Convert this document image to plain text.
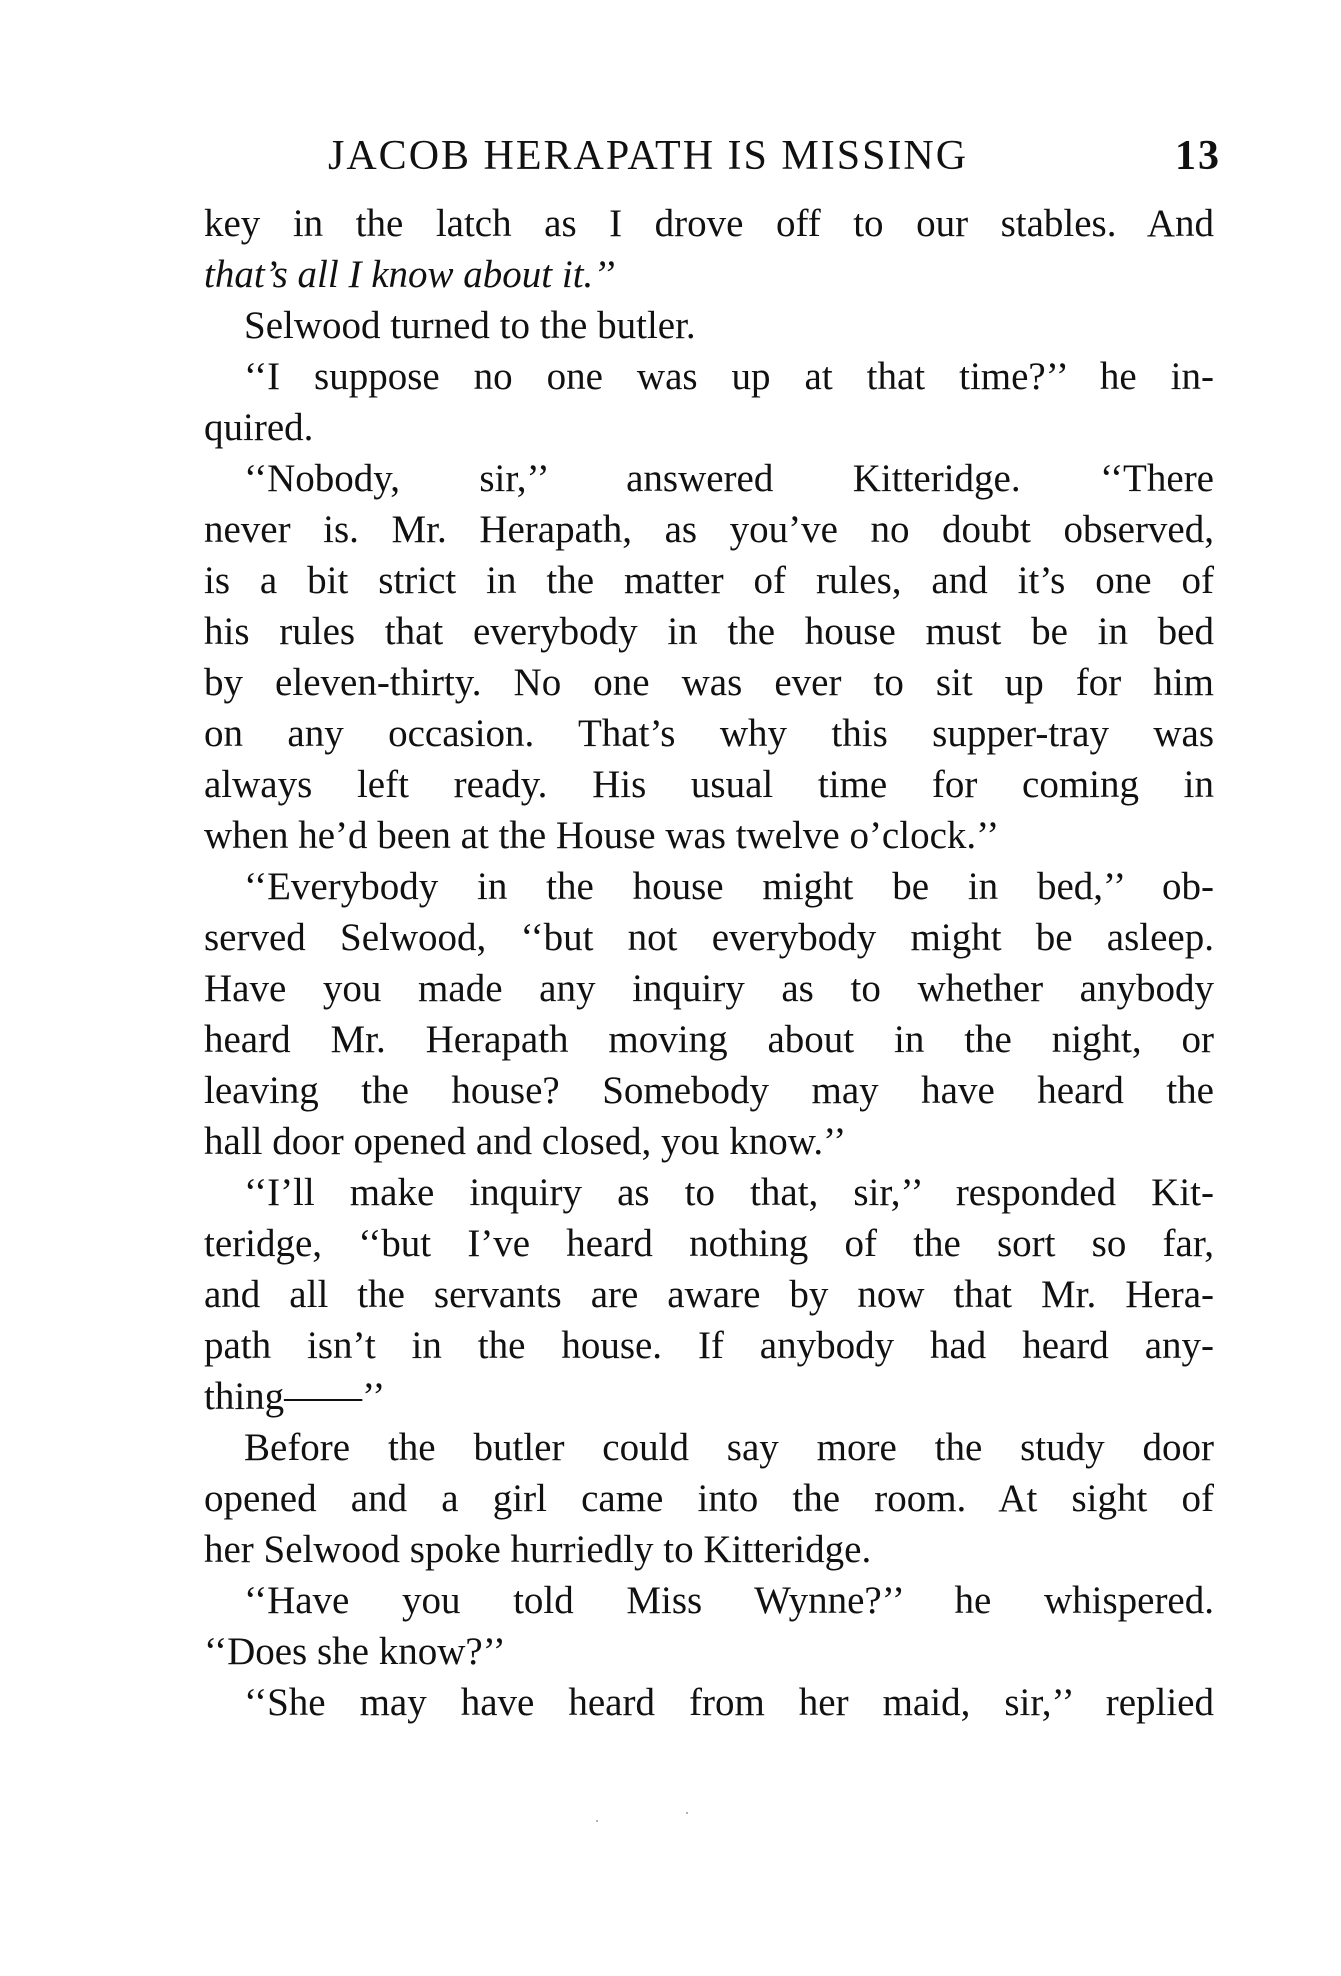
JACOB HERAPATH IS MISSING	13
key in the latch as I drove off to our stables. And
that’s all I know about it.’’
Selwood turned to the butler.
‘‘I suppose no one was up at that time?’’ he in-
quired.
‘‘Nobody, sir,’’ answered Kitteridge. ‘‘There
never is. Mr. Herapath, as you’ve no doubt observed,
is a bit strict in the matter of rules, and it’s one of
his rules that everybody in the house must be in bed
by eleven-thirty. No one was ever to sit up for him
on any occasion. That’s why this supper-tray was
always left ready. His usual time for coming in
when he’d been at the House was twelve o’clock.’’
‘‘Everybody in the house might be in bed,’’ ob-
served Selwood, ‘‘but not everybody might be asleep.
Have you made any inquiry as to whether anybody
heard Mr. Herapath moving about in the night, or
leaving the house? Somebody may have heard the
hall door opened and closed, you know.’’
‘‘I’ll make inquiry as to that, sir,’’ responded Kit-
teridge, ‘‘but I’ve heard nothing of the sort so far,
and all the servants are aware by now that Mr. Hera-
path isn’t in the house. If anybody had heard any-
thing——’’
Before the butler could say more the study door
opened and a girl came into the room. At sight of
her Selwood spoke hurriedly to Kitteridge.
‘‘Have you told Miss Wynne?’’ he whispered.
‘‘Does she know?’’
‘‘She may have heard from her maid, sir,’’ replied
